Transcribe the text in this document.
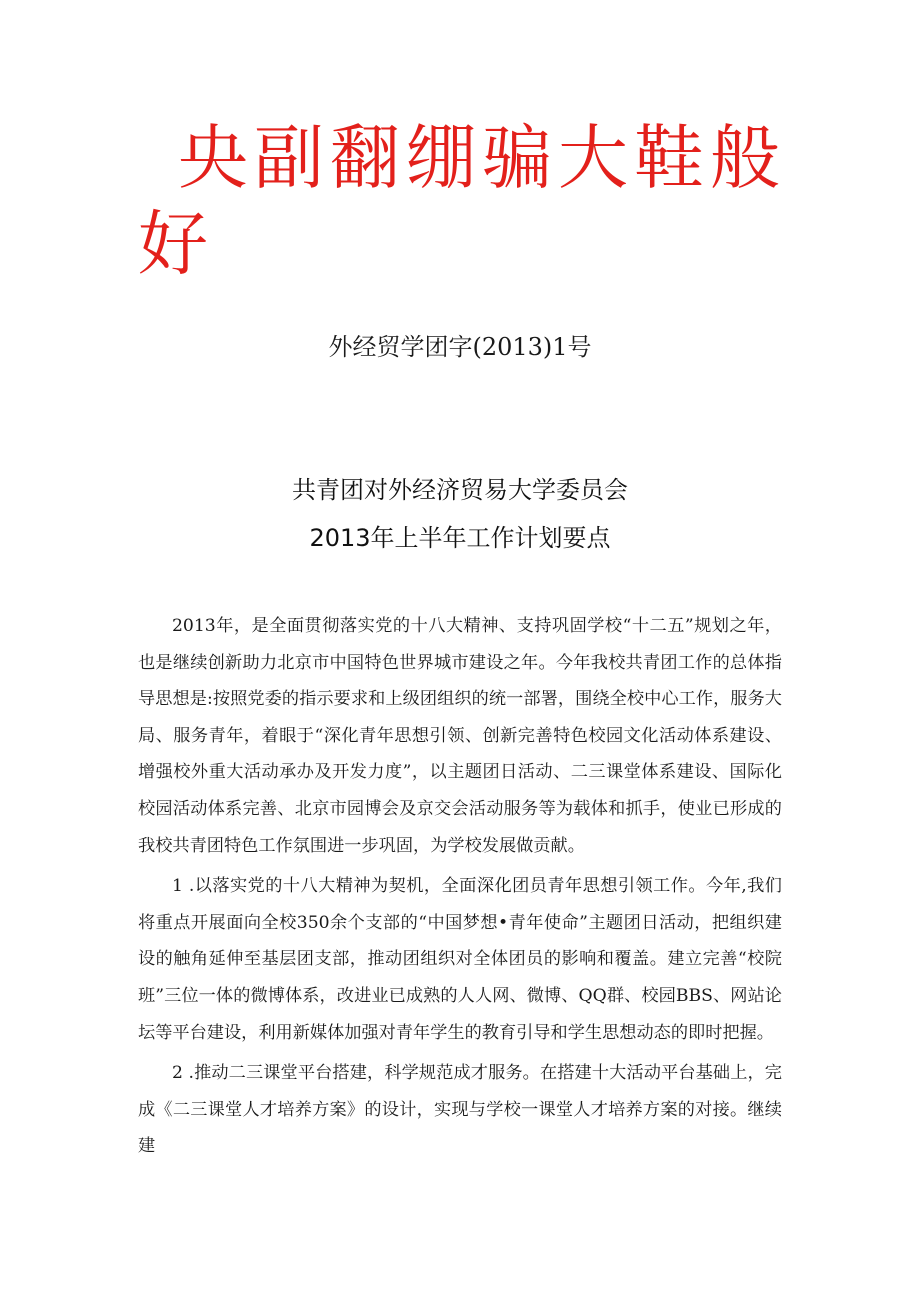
央副翻绷骗大鞋般
好
外经贸学团字(2013)1号
共青团对外经济贸易大学委员会
2013年上半年工作计划要点

2013年，是全面贯彻落实党的十八大精神、支持巩固学校“十二五”规划之年，也是继续创新助力北京市中国特色世界城市建设之年。今年我校共青团工作的总体指导思想是:按照党委的指示要求和上级团组织的统一部署，围绕全校中心工作，服务大局、服务青年，着眼于“深化青年思想引领、创新完善特色校园文化活动体系建设、增强校外重大活动承办及开发力度”，以主题团日活动、二三课堂体系建设、国际化校园活动体系完善、北京市园博会及京交会活动服务等为载体和抓手，使业已形成的我校共青团特色工作氛围进一步巩固，为学校发展做贡献。

1 .以落实党的十八大精神为契机，全面深化团员青年思想引领工作。今年,我们将重点开展面向全校350余个支部的“中国梦想•青年使命”主题团日活动，把组织建设的触角延伸至基层团支部，推动团组织对全体团员的影响和覆盖。建立完善“校院班”三位一体的微博体系，改进业已成熟的人人网、微博、QQ群、校园BBS、网站论坛等平台建设，利用新媒体加强对青年学生的教育引导和学生思想动态的即时把握。

2 .推动二三课堂平台搭建，科学规范成才服务。在搭建十大活动平台基础上，完成《二三课堂人才培养方案》的设计，实现与学校一课堂人才培养方案的对接。继续建
